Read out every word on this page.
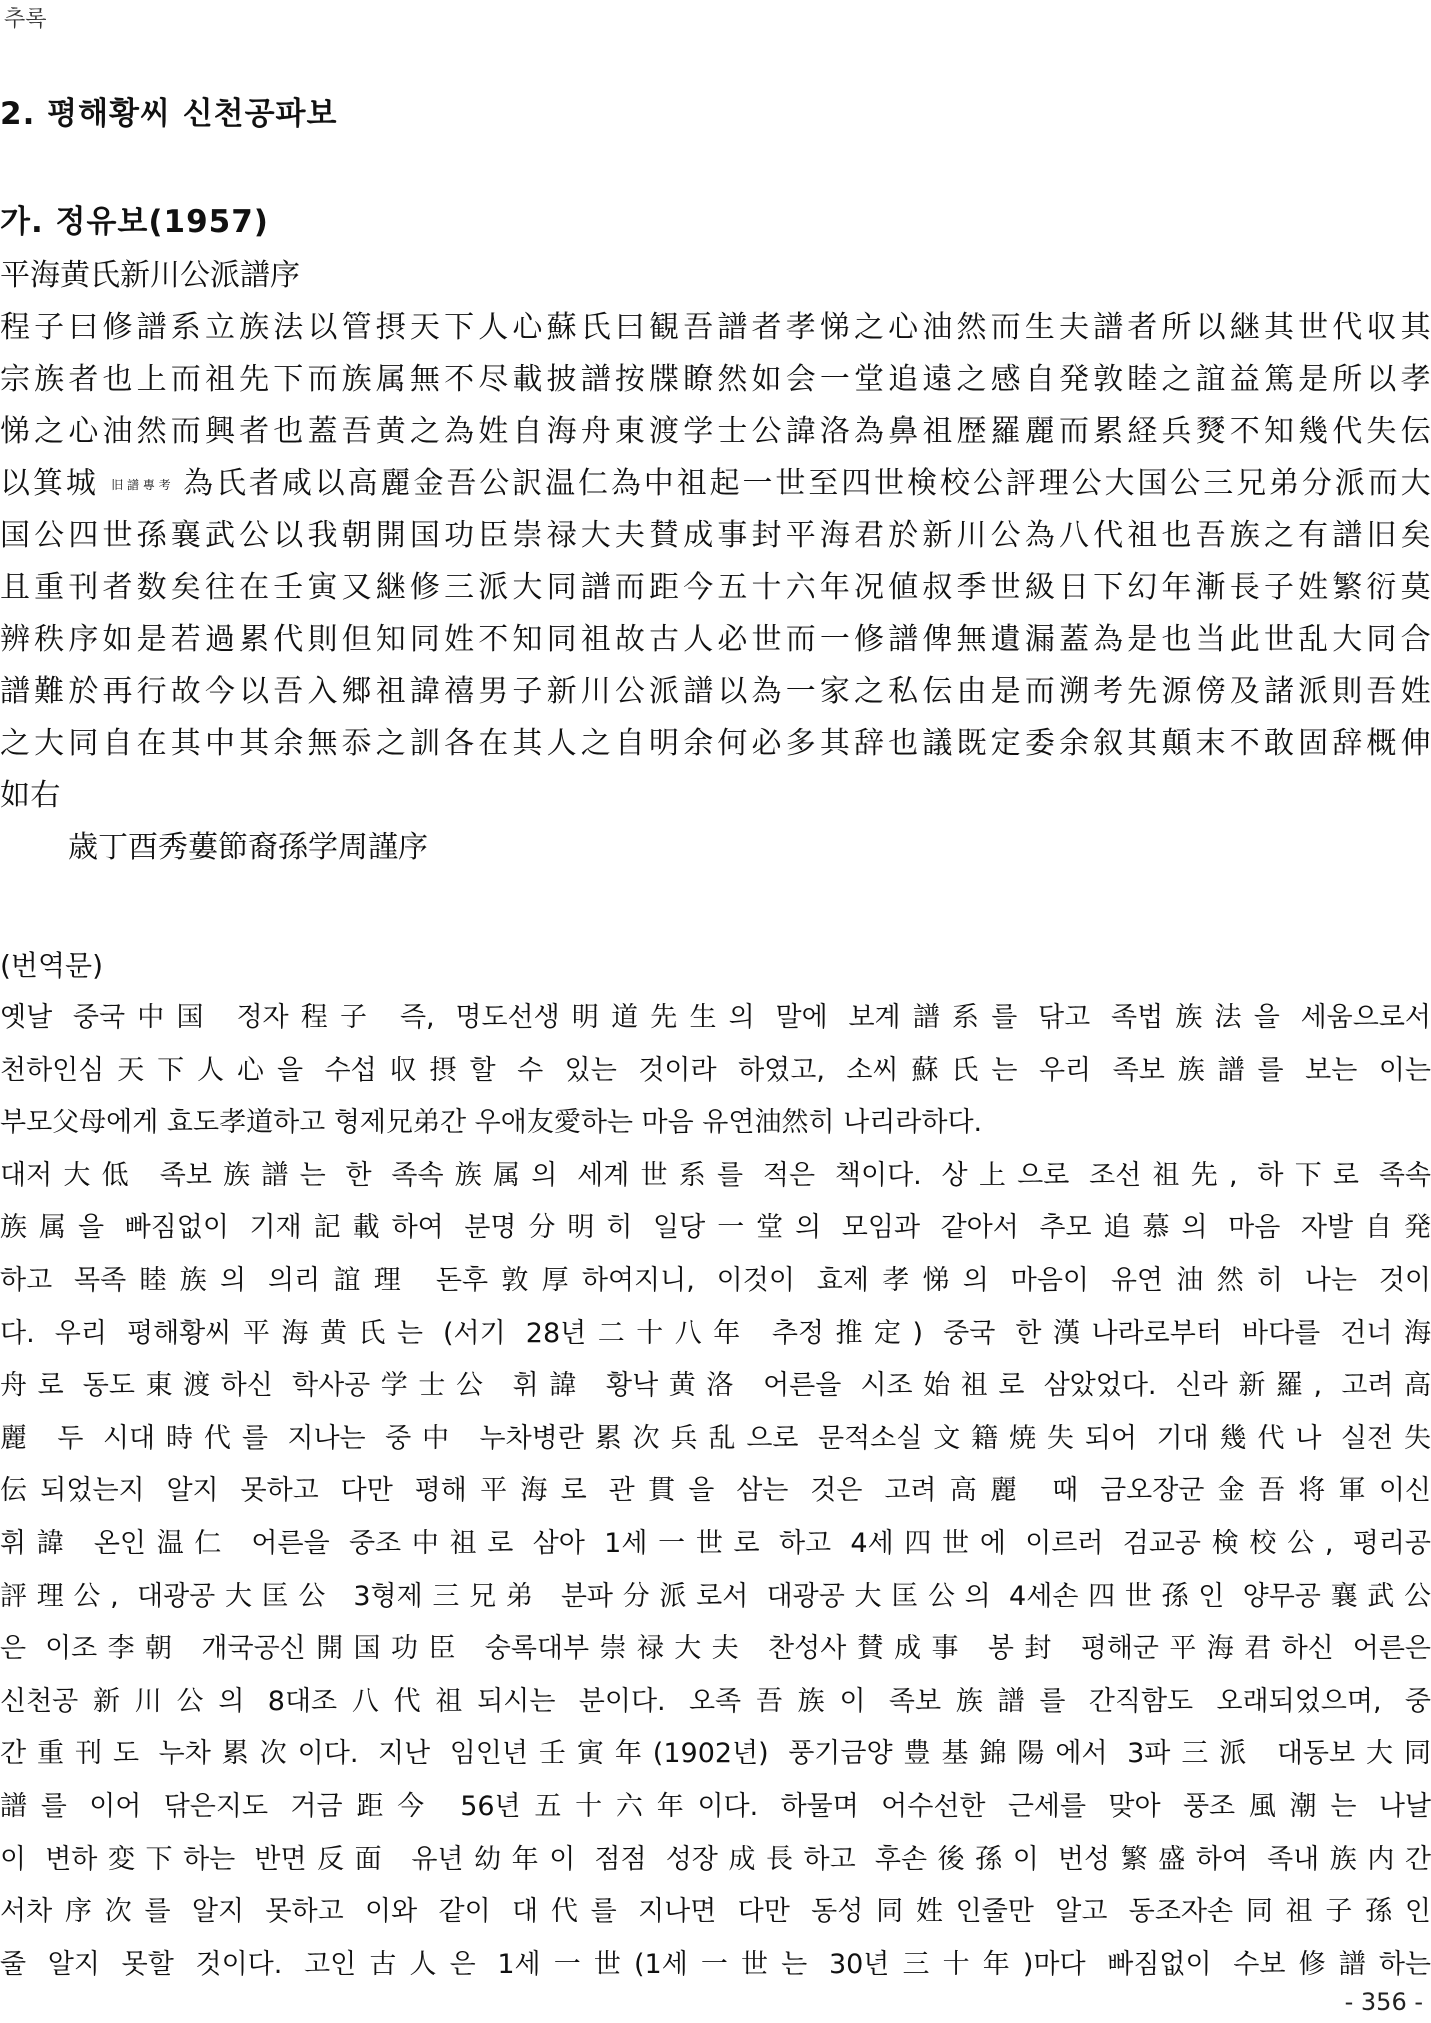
추록
2. 평해황씨 신천공파보
가. 정유보(1957)
平海黄氏新川公派譜序
程子曰修譜系立族法以管摂天下人心蘇氏曰観吾譜者孝悌之心油然而生夫譜者所以継其世代収其
宗族者也上而祖先下而族属無不尽載披譜按牒瞭然如会一堂追遠之感自発敦睦之誼益篤是所以孝
悌之心油然而興者也蓋吾黄之為姓自海舟東渡学士公諱洛為鼻祖歴羅麗而累経兵燹不知幾代失伝
以箕城 旧 譜 專 考 為氏者咸以高麗金吾公訳温仁為中祖起一世至四世検校公評理公大国公三兄弟分派而大
国公四世孫襄武公以我朝開国功臣崇禄大夫賛成事封平海君於新川公為八代祖也吾族之有譜旧矣
且重刊者数矣往在壬寅又継修三派大同譜而距今五十六年况値叔季世級日下幻年漸長子姓繁衍莫
辨秩序如是若過累代則但知同姓不知同祖故古人必世而一修譜俾無遺漏蓋為是也当此世乱大同合
譜難於再行故今以吾入郷祖諱禧男子新川公派譜以為一家之私伝由是而溯考先源傍及諸派則吾姓
之大同自在其中其余無忝之訓各在其人之自明余何必多其辞也議既定委余叙其顛末不敢固辞概伸
如右
歳丁酉秀蔞節裔孫学周謹序
(번역문)
옛날 중국中国 정자程子 즉, 명도선생明道先生의 말에 보계譜系를 닦고 족법族法을 세움으로서
천하인심天下人心을 수섭収摂할 수 있는 것이라 하였고, 소씨蘇氏는 우리 족보族譜를 보는 이는
부모父母에게 효도孝道하고 형제兄弟간 우애友愛하는 마음 유연油然히 나리라하다.
대저大低 족보族譜는 한 족속族属의 세계世系를 적은 책이다. 상上으로 조선祖先, 하下로 족속
族属을 빠짐없이 기재記載하여 분명分明히 일당一堂의 모임과 같아서 추모追慕의 마음 자발自発
하고 목족睦族의 의리誼理 돈후敦厚하여지니, 이것이 효제孝悌의 마음이 유연油然히 나는 것이
다. 우리 평해황씨平海黄氏는 (서기 28년二十八年 추정推定) 중국 한漢나라로부터 바다를 건너海
舟로 동도東渡하신 학사공学士公 휘諱 황낙黄洛 어른을 시조始祖로 삼았었다. 신라新羅, 고려高
麗 두 시대時代를 지나는 중中 누차병란累次兵乱으로 문적소실文籍焼失되어 기대幾代나 실전失
伝되었는지 알지 못하고 다만 평해平海로 관貫을 삼는 것은 고려高麗 때 금오장군金吾将軍이신
휘諱 온인温仁 어른을 중조中祖로 삼아 1세一世로 하고 4세四世에 이르러 검교공検校公, 평리공
評理公, 대광공大匡公 3형제三兄弟 분파分派로서 대광공大匡公의 4세손四世孫인 양무공襄武公
은 이조李朝 개국공신開国功臣 숭록대부崇禄大夫 찬성사賛成事 봉封 평해군平海君하신 어른은
신천공新川公의 8대조八代祖되시는 분이다. 오족吾族이 족보族譜를 간직함도 오래되었으며, 중
간重刊도 누차累次이다. 지난 임인년壬寅年(1902년) 풍기금양豊基錦陽에서 3파三派 대동보大同
譜를 이어 닦은지도 거금距今 56년五十六年이다. 하물며 어수선한 근세를 맞아 풍조風潮는 나날
이 변하変下하는 반면反面 유년幼年이 점점 성장成長하고 후손後孫이 번성繁盛하여 족내族内간
서차序次를 알지 못하고 이와 같이 대代를 지나면 다만 동성同姓인줄만 알고 동조자손同祖子孫인
줄 알지 못할 것이다. 고인古人은 1세一世(1세一世는 30년三十年)마다 빠짐없이 수보修譜하는
- 356 -
